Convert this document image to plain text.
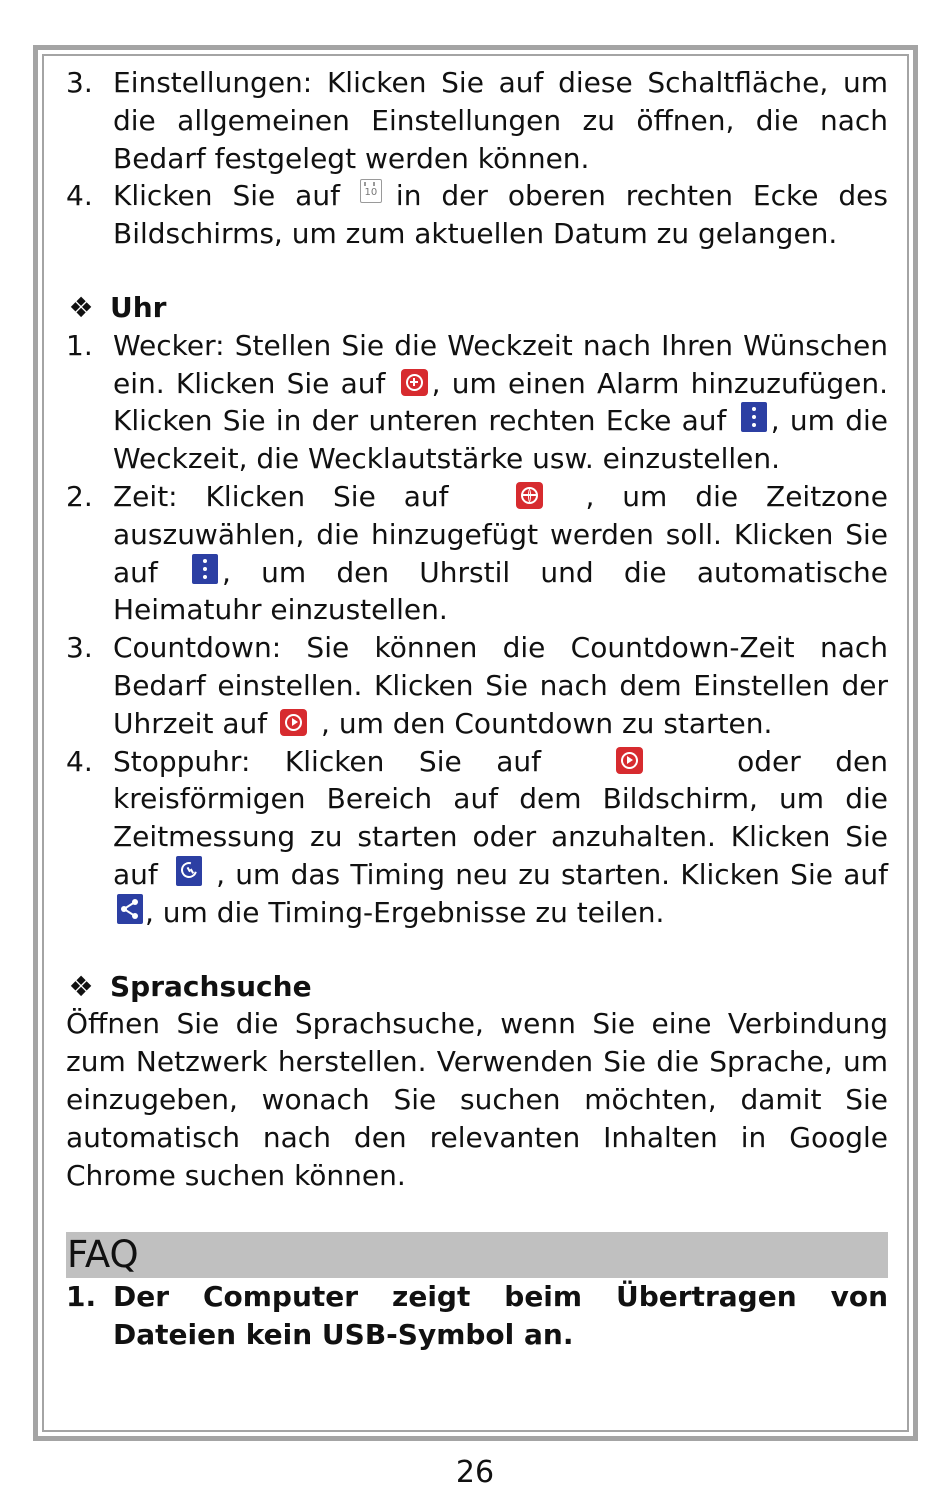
3. Einstellungen: Klicken Sie auf diese Schaltfläche, um die allgemeinen Einstellungen zu öffnen, die nach Bedarf festgelegt werden können.
4. Klicken Sie auf	10 in der oberen rechten Ecke des Bildschirms, um zum aktuellen Datum zu gelangen.
❖ Uhr
1. Wecker: Stellen Sie die Weckzeit nach Ihren Wünschen ein. Klicken Sie auf , um einen Alarm hinzuzufügen. Klicken Sie in der unteren rechten Ecke auf , um die Weckzeit, die Wecklautstärke usw. einzustellen.
2. Zeit: Klicken Sie auf	, um die Zeitzone auszuwählen, die hinzugefügt werden soll. Klicken Sie auf , um den Uhrstil und die automatische Heimatuhr einzustellen.
3. Countdown: Sie können die Countdown-Zeit nach Bedarf einstellen. Klicken Sie nach dem Einstellen der Uhrzeit auf , um den Countdown zu starten.
4. Stoppuhr: Klicken Sie auf	oder den kreisförmigen Bereich auf dem Bildschirm, um die Zeitmessung zu starten oder anzuhalten. Klicken Sie auf , um das Timing neu zu starten. Klicken Sie auf
, um die Timing-Ergebnisse zu teilen.
❖ Sprachsuche
Öffnen Sie die Sprachsuche, wenn Sie eine Verbindung zum Netzwerk herstellen. Verwenden Sie die Sprache, um einzugeben, wonach Sie suchen möchten, damit Sie automatisch nach den relevanten Inhalten in Google Chrome suchen können.
FAQ
1. Der Computer zeigt beim Übertragen von Dateien kein USB-Symbol an.
26
